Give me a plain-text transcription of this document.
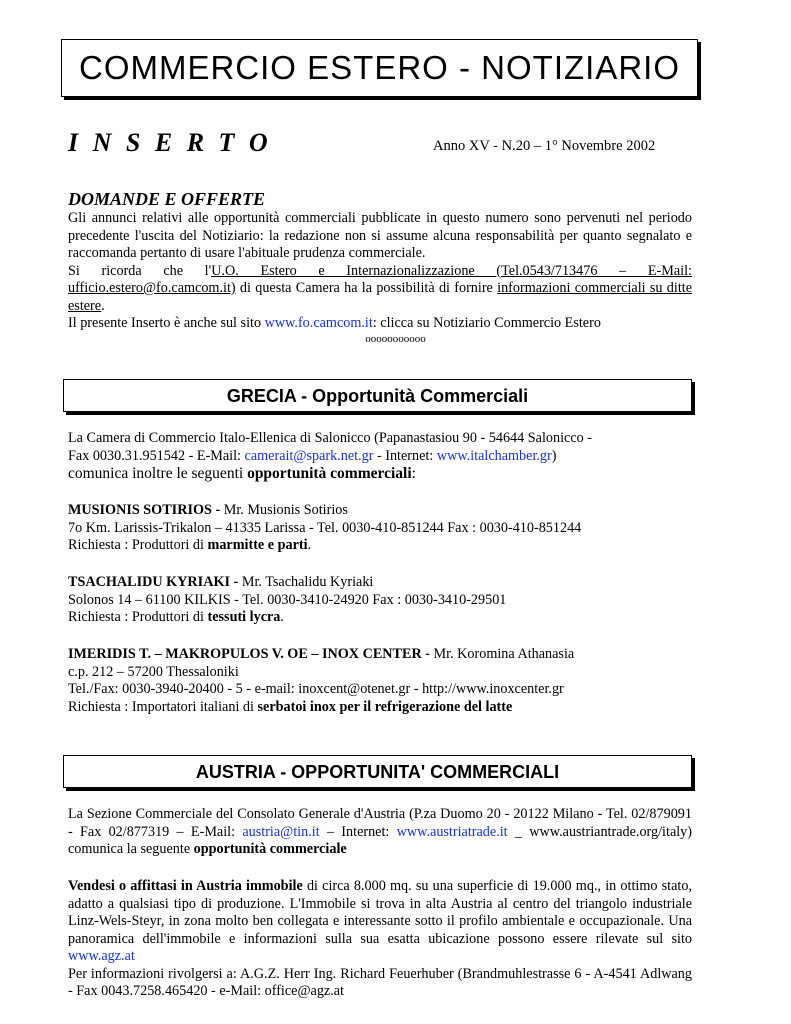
COMMERCIO ESTERO - NOTIZIARIO
I N S E R T O	Anno XV - N.20 – 1° Novembre 2002
DOMANDE E OFFERTE

Gli annunci relativi alle opportunità commerciali pubblicate in questo numero sono pervenuti nel periodo precedente l'uscita del Notiziario: la redazione non si assume alcuna responsabilità per quanto segnalato e raccomanda pertanto di usare l'abituale prudenza commerciale.

Si ricorda che l'U.O. Estero e Internazionalizzazione (Tel.0543/713476 – E-Mail: ufficio.estero@fo.camcom.it) di questa Camera ha la possibilità di fornire informazioni commerciali su ditte estere.

Il presente Inserto è anche sul sito www.fo.camcom.it: clicca su Notiziario Commercio Estero

ooooooooooo
GRECIA - Opportunità Commerciali
La Camera di Commercio Italo-Ellenica di Salonicco (Papanastasiou 90 - 54644 Salonicco -
Fax 0030.31.951542 - E-Mail: camerait@spark.net.gr - Internet: www.italchamber.gr)
comunica inoltre le seguenti opportunità commerciali:
MUSIONIS SOTIRIOS - Mr. Musionis Sotirios
7o Km. Larissis-Trikalon – 41335 Larissa - Tel. 0030-410-851244 Fax : 0030-410-851244
Richiesta : Produttori di marmitte e parti.
TSACHALIDU KYRIAKI - Mr. Tsachalidu Kyriaki
Solonos 14 – 61100 KILKIS - Tel. 0030-3410-24920 Fax : 0030-3410-29501
Richiesta : Produttori di tessuti lycra.
IMERIDIS T. – MAKROPULOS V. OE – INOX CENTER - Mr. Koromina Athanasia
c.p. 212 – 57200 Thessaloniki
Tel./Fax: 0030-3940-20400 - 5 - e-mail: inoxcent@otenet.gr - http://www.inoxcenter.gr
Richiesta : Importatori italiani di serbatoi inox per il refrigerazione del latte
AUSTRIA - OPPORTUNITA' COMMERCIALI

La Sezione Commerciale del Consolato Generale d'Austria (P.za Duomo 20 - 20122 Milano - Tel. 02/879091 - Fax 02/877319 – E-Mail: austria@tin.it – Internet: www.austriatrade.it _ www.austriantrade.org/italy) comunica la seguente opportunità commerciale

Vendesi o affittasi in Austria immobile di circa 8.000 mq. su una superficie di 19.000 mq., in ottimo stato, adatto a qualsiasi tipo di produzione. L'Immobile si trova in alta Austria al centro del triangolo industriale Linz-Wels-Steyr, in zona molto ben collegata e interessante sotto il profilo ambientale e occupazionale. Una panoramica dell'immobile e informazioni sulla sua esatta ubicazione possono essere rilevate sul sito www.agz.at

Per informazioni rivolgersi a: A.G.Z. Herr Ing. Richard Feuerhuber (Brandmuhlestrasse 6 - A-4541 Adlwang - Fax 0043.7258.465420 - e-Mail: office@agz.at
